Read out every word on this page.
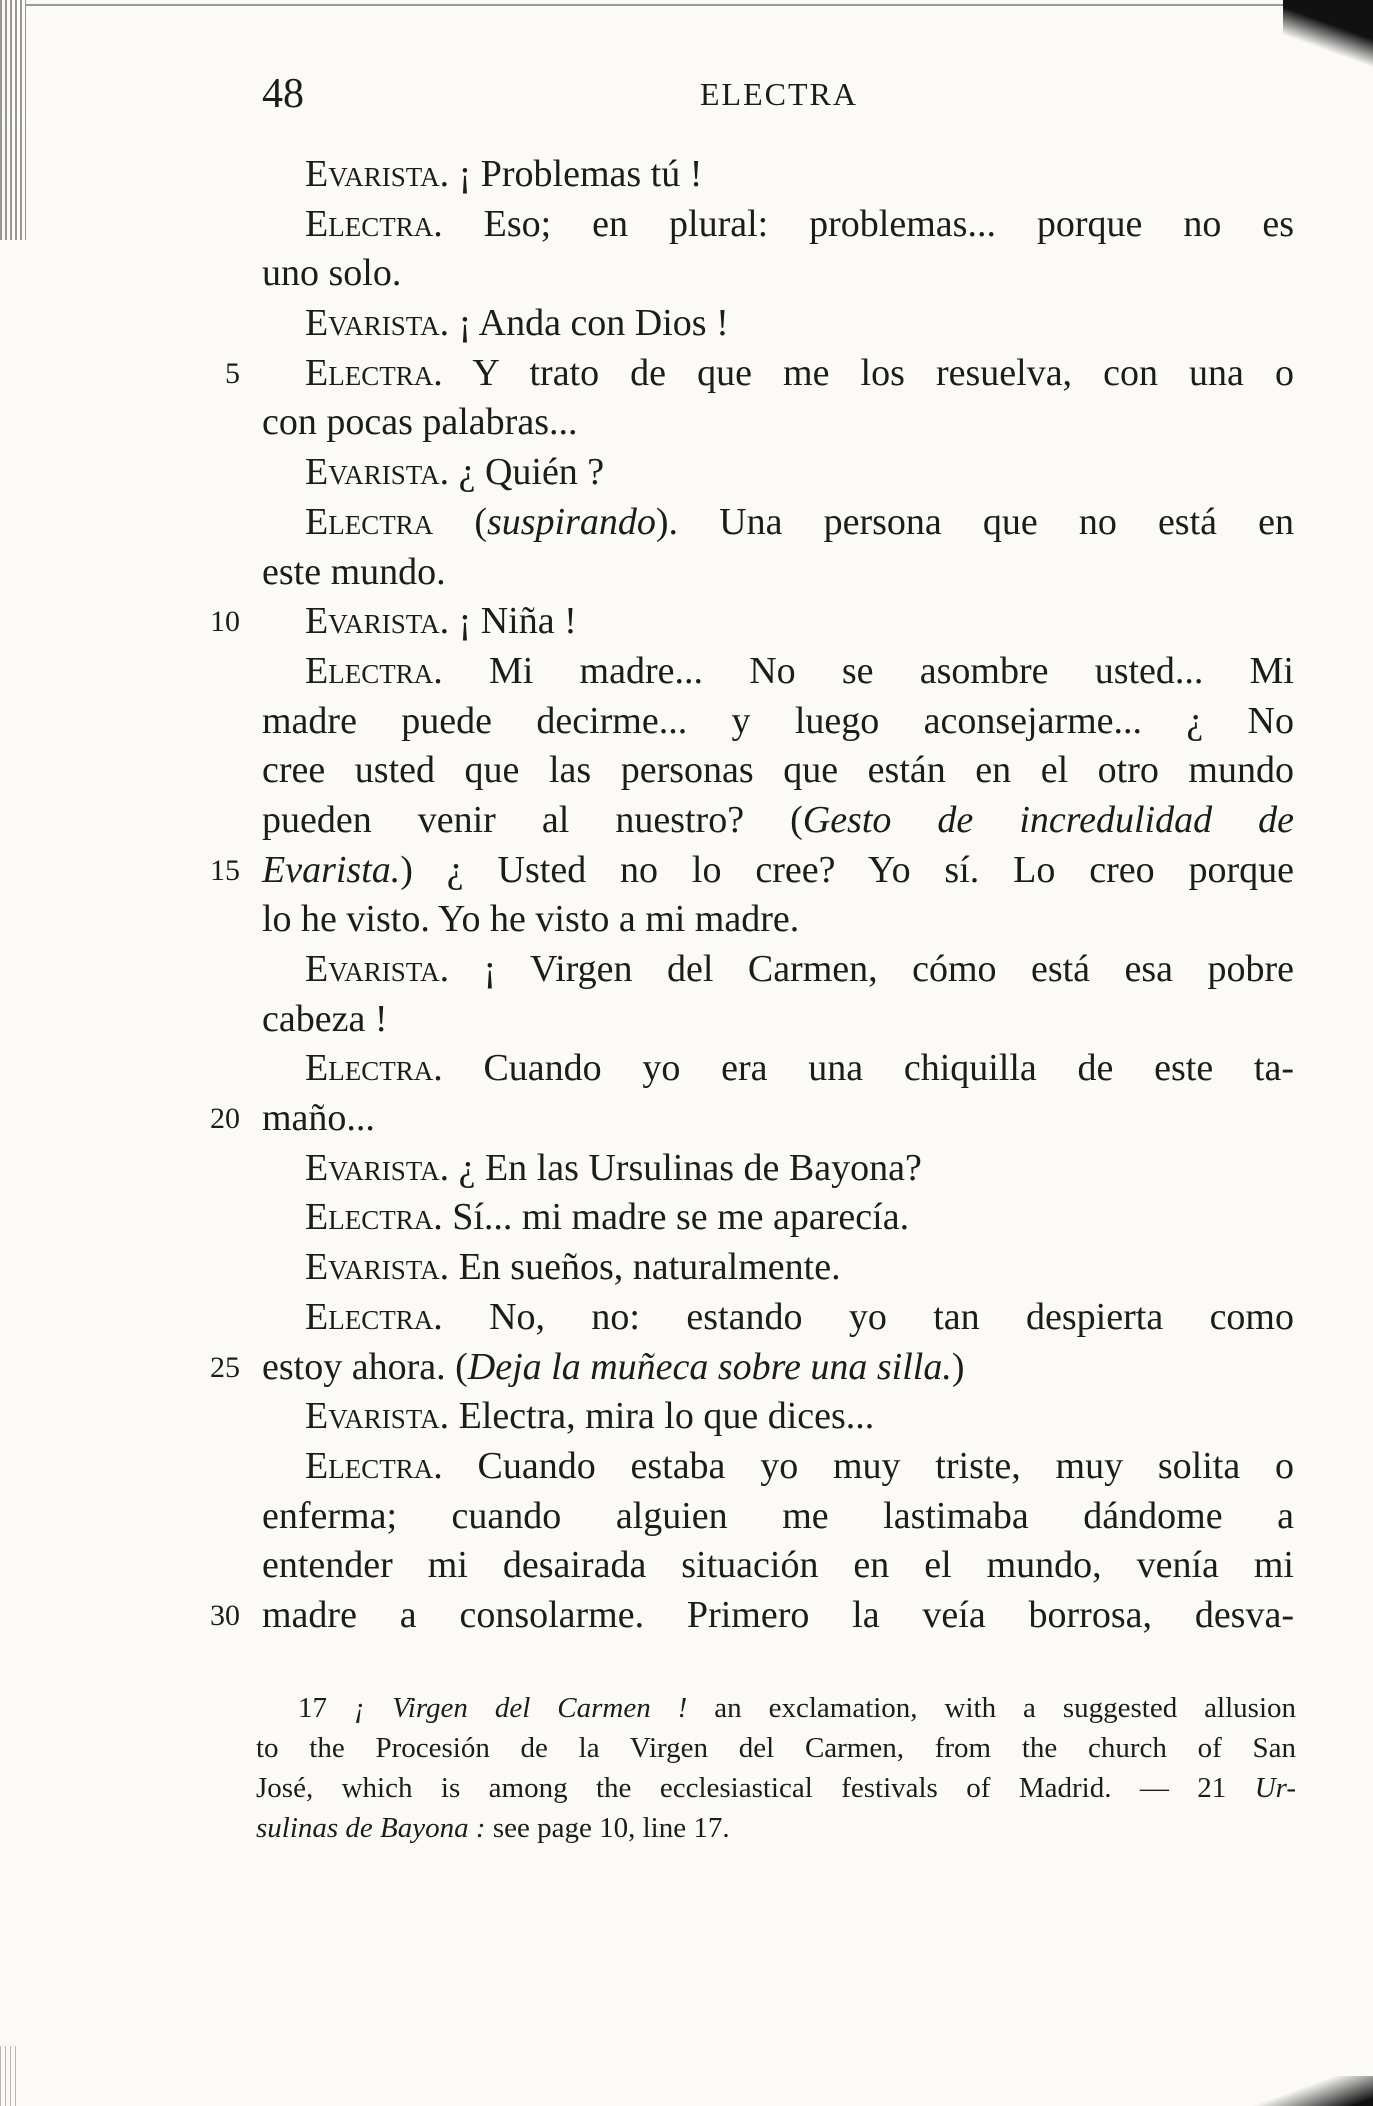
48	ELECTRA
Evarista. ¡ Problemas tú !
Electra. Eso; en plural: problemas... porque no es
uno solo.
Evarista. ¡ Anda con Dios !
5 Electra. Y trato de que me los resuelva, con una o
con pocas palabras...
Evarista. ¿ Quién ?
Electra (suspirando). Una persona que no está en
este mundo.
10 Evarista. ¡ Niña !
Electra. Mi madre... No se asombre usted... Mi
madre puede decirme... y luego aconsejarme... ¿ No
cree usted que las personas que están en el otro mundo
pueden venir al nuestro? (Gesto de incredulidad de
15 Evarista.) ¿ Usted no lo cree? Yo sí. Lo creo porque
lo he visto. Yo he visto a mi madre.
Evarista. ¡ Virgen del Carmen, cómo está esa pobre
cabeza !
Electra. Cuando yo era una chiquilla de este ta-
20 maño...
Evarista. ¿ En las Ursulinas de Bayona?
Electra. Sí... mi madre se me aparecía.
Evarista. En sueños, naturalmente.
Electra. No, no: estando yo tan despierta como
25 estoy ahora. (Deja la muñeca sobre una silla.)
Evarista. Electra, mira lo que dices...
Electra. Cuando estaba yo muy triste, muy solita o
enferma; cuando alguien me lastimaba dándome a
entender mi desairada situación en el mundo, venía mi
30 madre a consolarme. Primero la veía borrosa, desva-
17 ¡ Virgen del Carmen ! an exclamation, with a suggested allusion
to the Procesión de la Virgen del Carmen, from the church of San
José, which is among the ecclesiastical festivals of Madrid. — 21 Ur-
sulinas de Bayona : see page 10, line 17.
